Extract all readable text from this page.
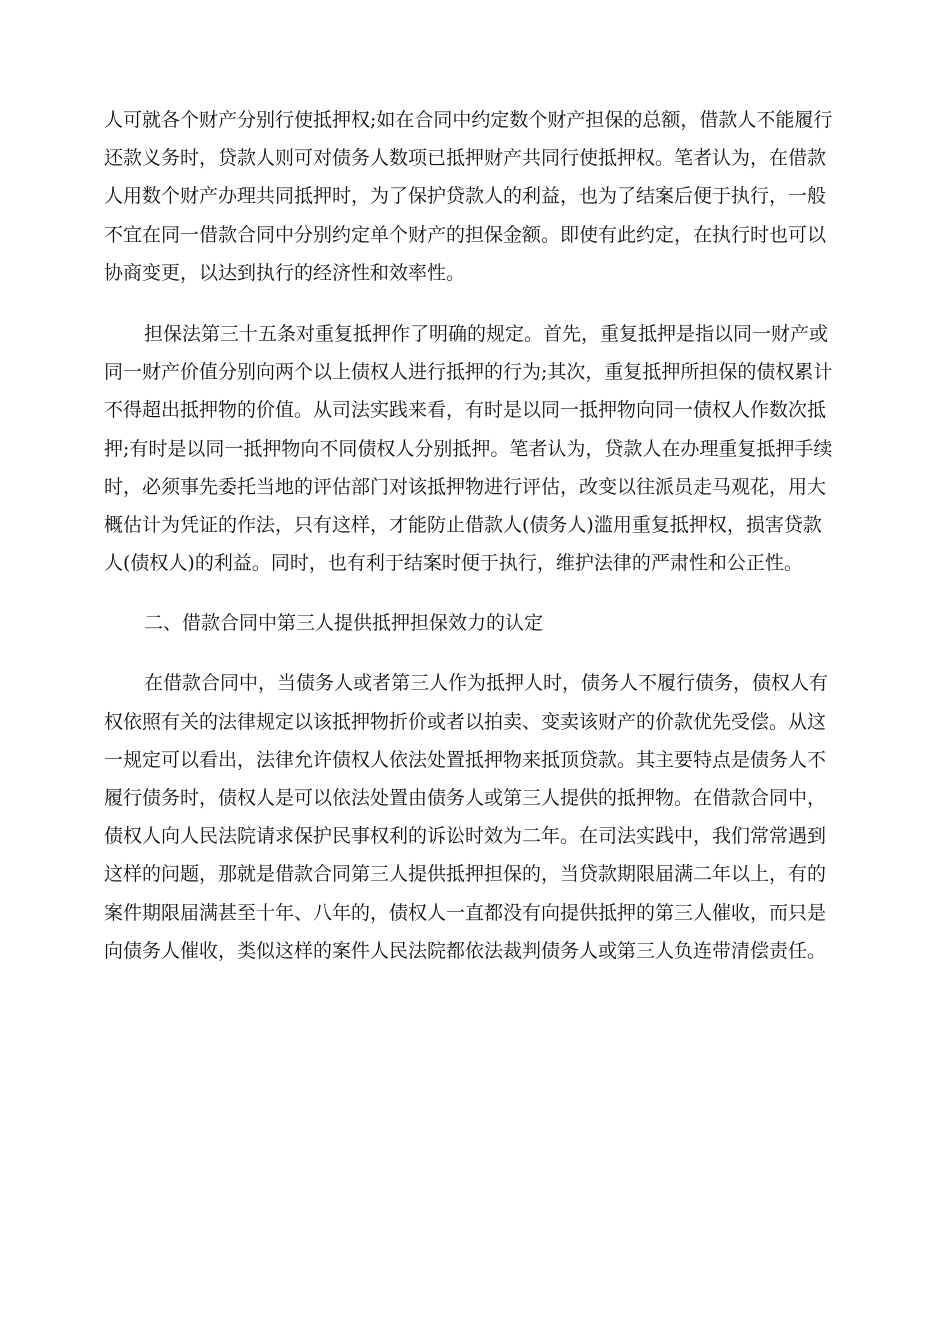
人可就各个财产分别行使抵押权;如在合同中约定数个财产担保的总额，借款人不能履行
还款义务时，贷款人则可对债务人数项已抵押财产共同行使抵押权。笔者认为，在借款
人用数个财产办理共同抵押时，为了保护贷款人的利益，也为了结案后便于执行，一般
不宜在同一借款合同中分别约定单个财产的担保金额。即使有此约定，在执行时也可以
协商变更，以达到执行的经济性和效率性。
担保法第三十五条对重复抵押作了明确的规定。首先，重复抵押是指以同一财产或
同一财产价值分别向两个以上债权人进行抵押的行为;其次，重复抵押所担保的债权累计
不得超出抵押物的价值。从司法实践来看，有时是以同一抵押物向同一债权人作数次抵
押;有时是以同一抵押物向不同债权人分别抵押。笔者认为，贷款人在办理重复抵押手续
时，必须事先委托当地的评估部门对该抵押物进行评估，改变以往派员走马观花，用大
概估计为凭证的作法，只有这样，才能防止借款人(债务人)滥用重复抵押权，损害贷款
人(债权人)的利益。同时，也有利于结案时便于执行，维护法律的严肃性和公正性。
二、借款合同中第三人提供抵押担保效力的认定
在借款合同中，当债务人或者第三人作为抵押人时，债务人不履行债务，债权人有
权依照有关的法律规定以该抵押物折价或者以拍卖、变卖该财产的价款优先受偿。从这
一规定可以看出，法律允许债权人依法处置抵押物来抵顶贷款。其主要特点是债务人不
履行债务时，债权人是可以依法处置由债务人或第三人提供的抵押物。在借款合同中，
债权人向人民法院请求保护民事权利的诉讼时效为二年。在司法实践中，我们常常遇到
这样的问题，那就是借款合同第三人提供抵押担保的，当贷款期限届满二年以上，有的
案件期限届满甚至十年、八年的，债权人一直都没有向提供抵押的第三人催收，而只是
向债务人催收，类似这样的案件人民法院都依法裁判债务人或第三人负连带清偿责任。
